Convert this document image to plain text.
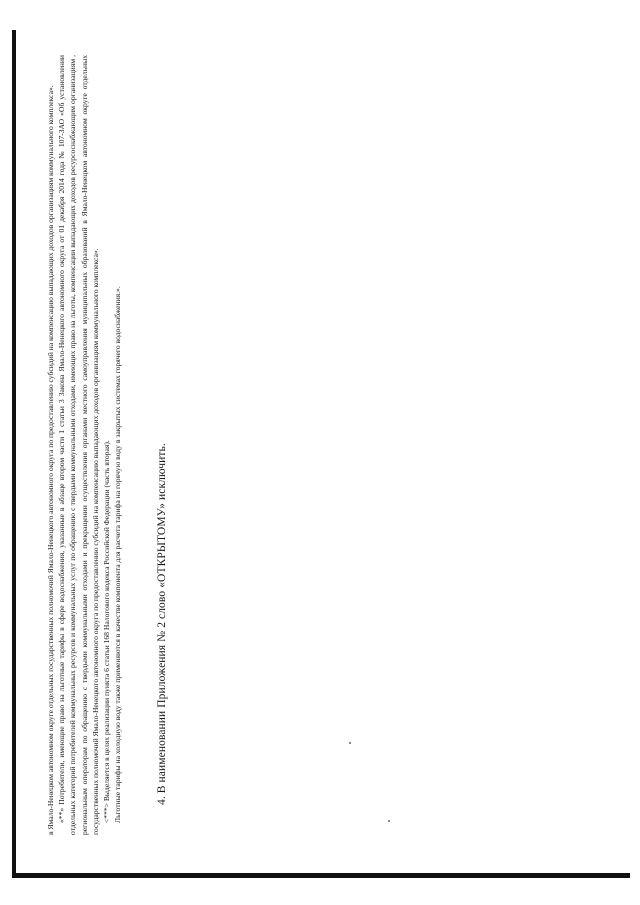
в Ямало-Ненецком автономном округе отдельных государственных полномочий Ямало-Ненецкого автономного округа по предоставлению субсидий на компенсацию выпадающих доходов организациям коммунального комплекса». «**» Потребители, имеющие право на льготные тарифы в сфере водоснабжения, указанные в абзаце втором части 1 статьи 3 Закона Ямало-Ненецкого автономного округа от 01 декабря 2014 года № 107-ЗАО «Об установлении отдельных категорий потребителей коммунальных ресурсов и коммунальных услуг по обращению с твердыми коммунальными отходами, имеющих право на льготы, компенсации выпадающих доходов ресурсоснабжающим организациям , региональным операторам по обращению с твердыми коммунальными отходами и прекращении осуществления органами местного самоуправления муниципальных образований в Ямало-Ненецком автономном округе отдельных государственных полномочий Ямало-Ненецкого автономного округа по предоставлению субсидий на компенсацию выпадающих доходов организациям коммунального комплекса». <***> Выделяется в целях реализации пункта 6 статьи 168 Налогового кодекса Российской Федерации (часть вторая). Льготные тарифы на холодную воду также применяются в качестве компонента для расчета тарифа на горячую воду в закрытых системах горячего водоснабжения.».	4. В наименовании Приложения № 2 слово «ОТКРЫТОМУ» исключить.
